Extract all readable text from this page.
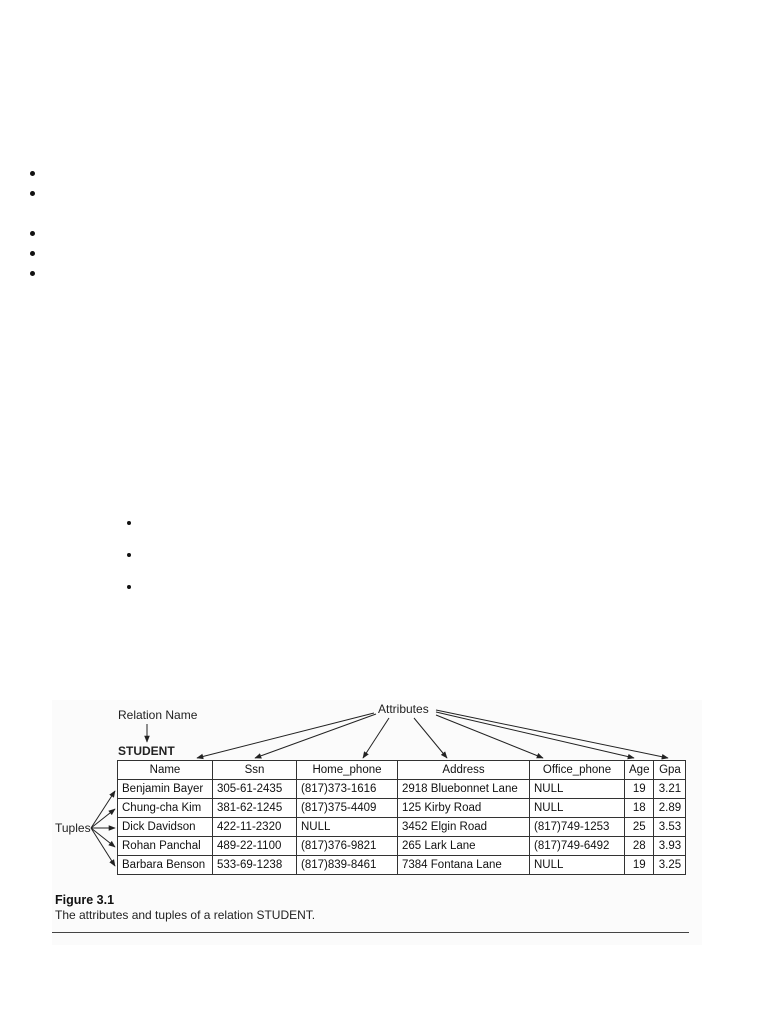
Relation Name	Attributes
Tuples
STUDENT
Name	Ssn	Home_phone	Address	Office_phone	Age	Gpa
Benjamin Bayer	305-61-2435	(817)373-1616	2918 Bluebonnet Lane	NULL	19	3.21
Chung-cha Kim	381-62-1245	(817)375-4409	125 Kirby Road	NULL	18	2.89
Dick Davidson	422-11-2320	NULL	3452 Elgin Road	(817)749-1253	25	3.53
Rohan Panchal	489-22-1100	(817)376-9821	265 Lark Lane	(817)749-6492	28	3.93
Barbara Benson	533-69-1238	(817)839-8461	7384 Fontana Lane	NULL	19	3.25
Figure 3.1
The attributes and tuples of a relation STUDENT.
